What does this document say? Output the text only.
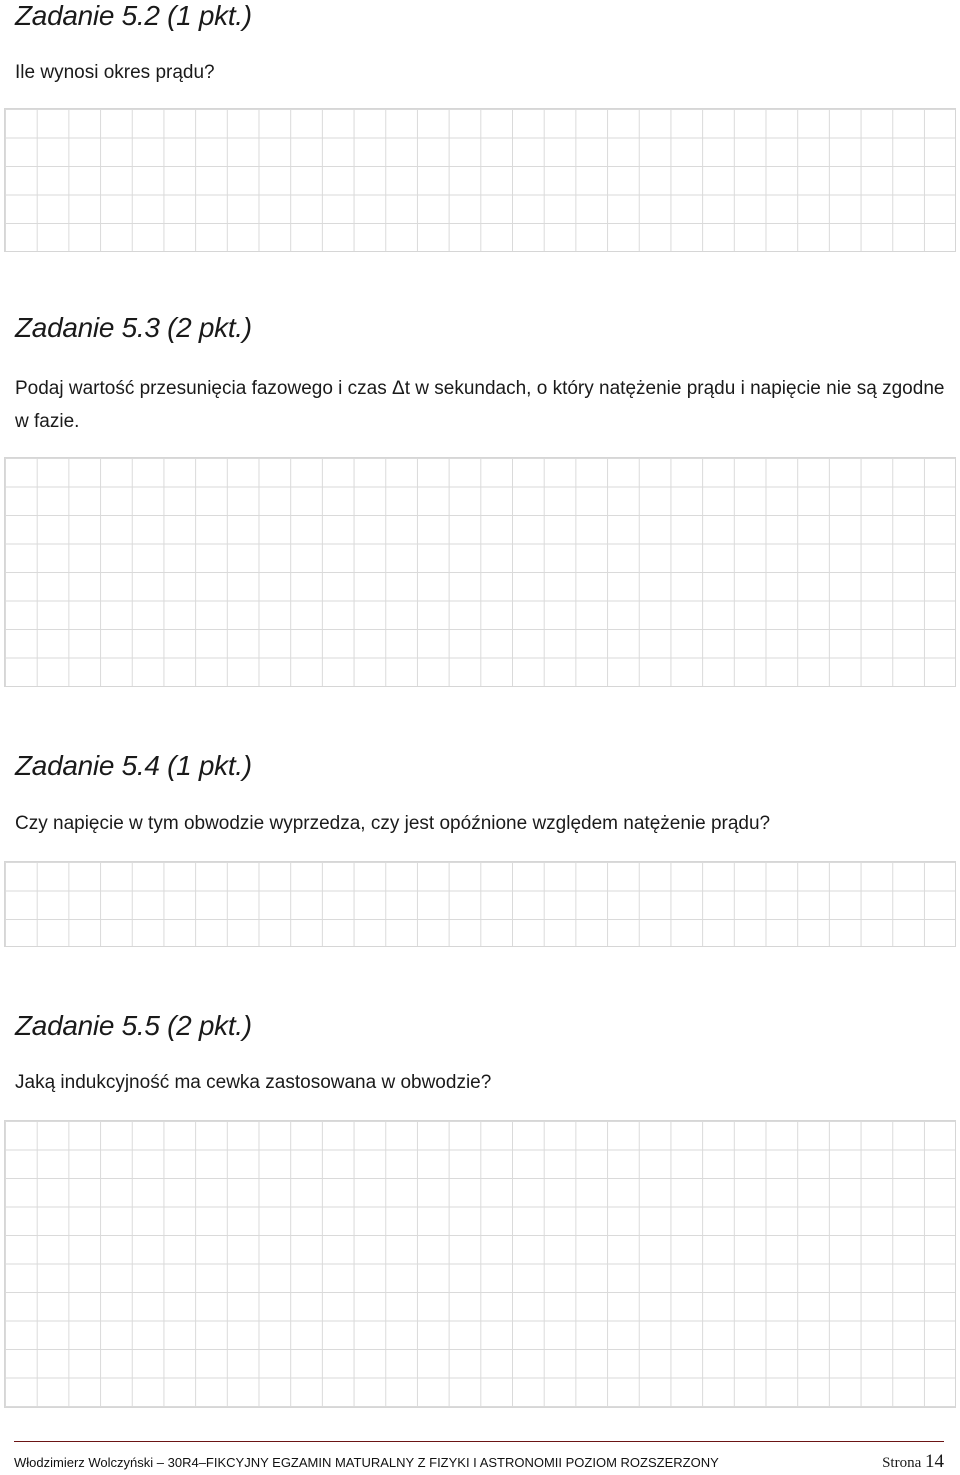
Zadanie 5.2 (1 pkt.)
Ile wynosi okres prądu?
Zadanie 5.3 (2 pkt.)
Podaj wartość przesunięcia fazowego i czas Δt w sekundach, o który natężenie prądu i napięcie nie są zgodne w fazie.
Zadanie 5.4 (1 pkt.)
Czy napięcie w tym obwodzie wyprzedza, czy jest opóźnione względem natężenie prądu?
Zadanie 5.5 (2 pkt.)
Jaką indukcyjność ma cewka zastosowana w obwodzie?
Włodzimierz Wolczyński – 30R4–FIKCYJNY EGZAMIN MATURALNY Z FIZYKI I ASTRONOMII POZIOM ROZSZERZONY	Strona 14
